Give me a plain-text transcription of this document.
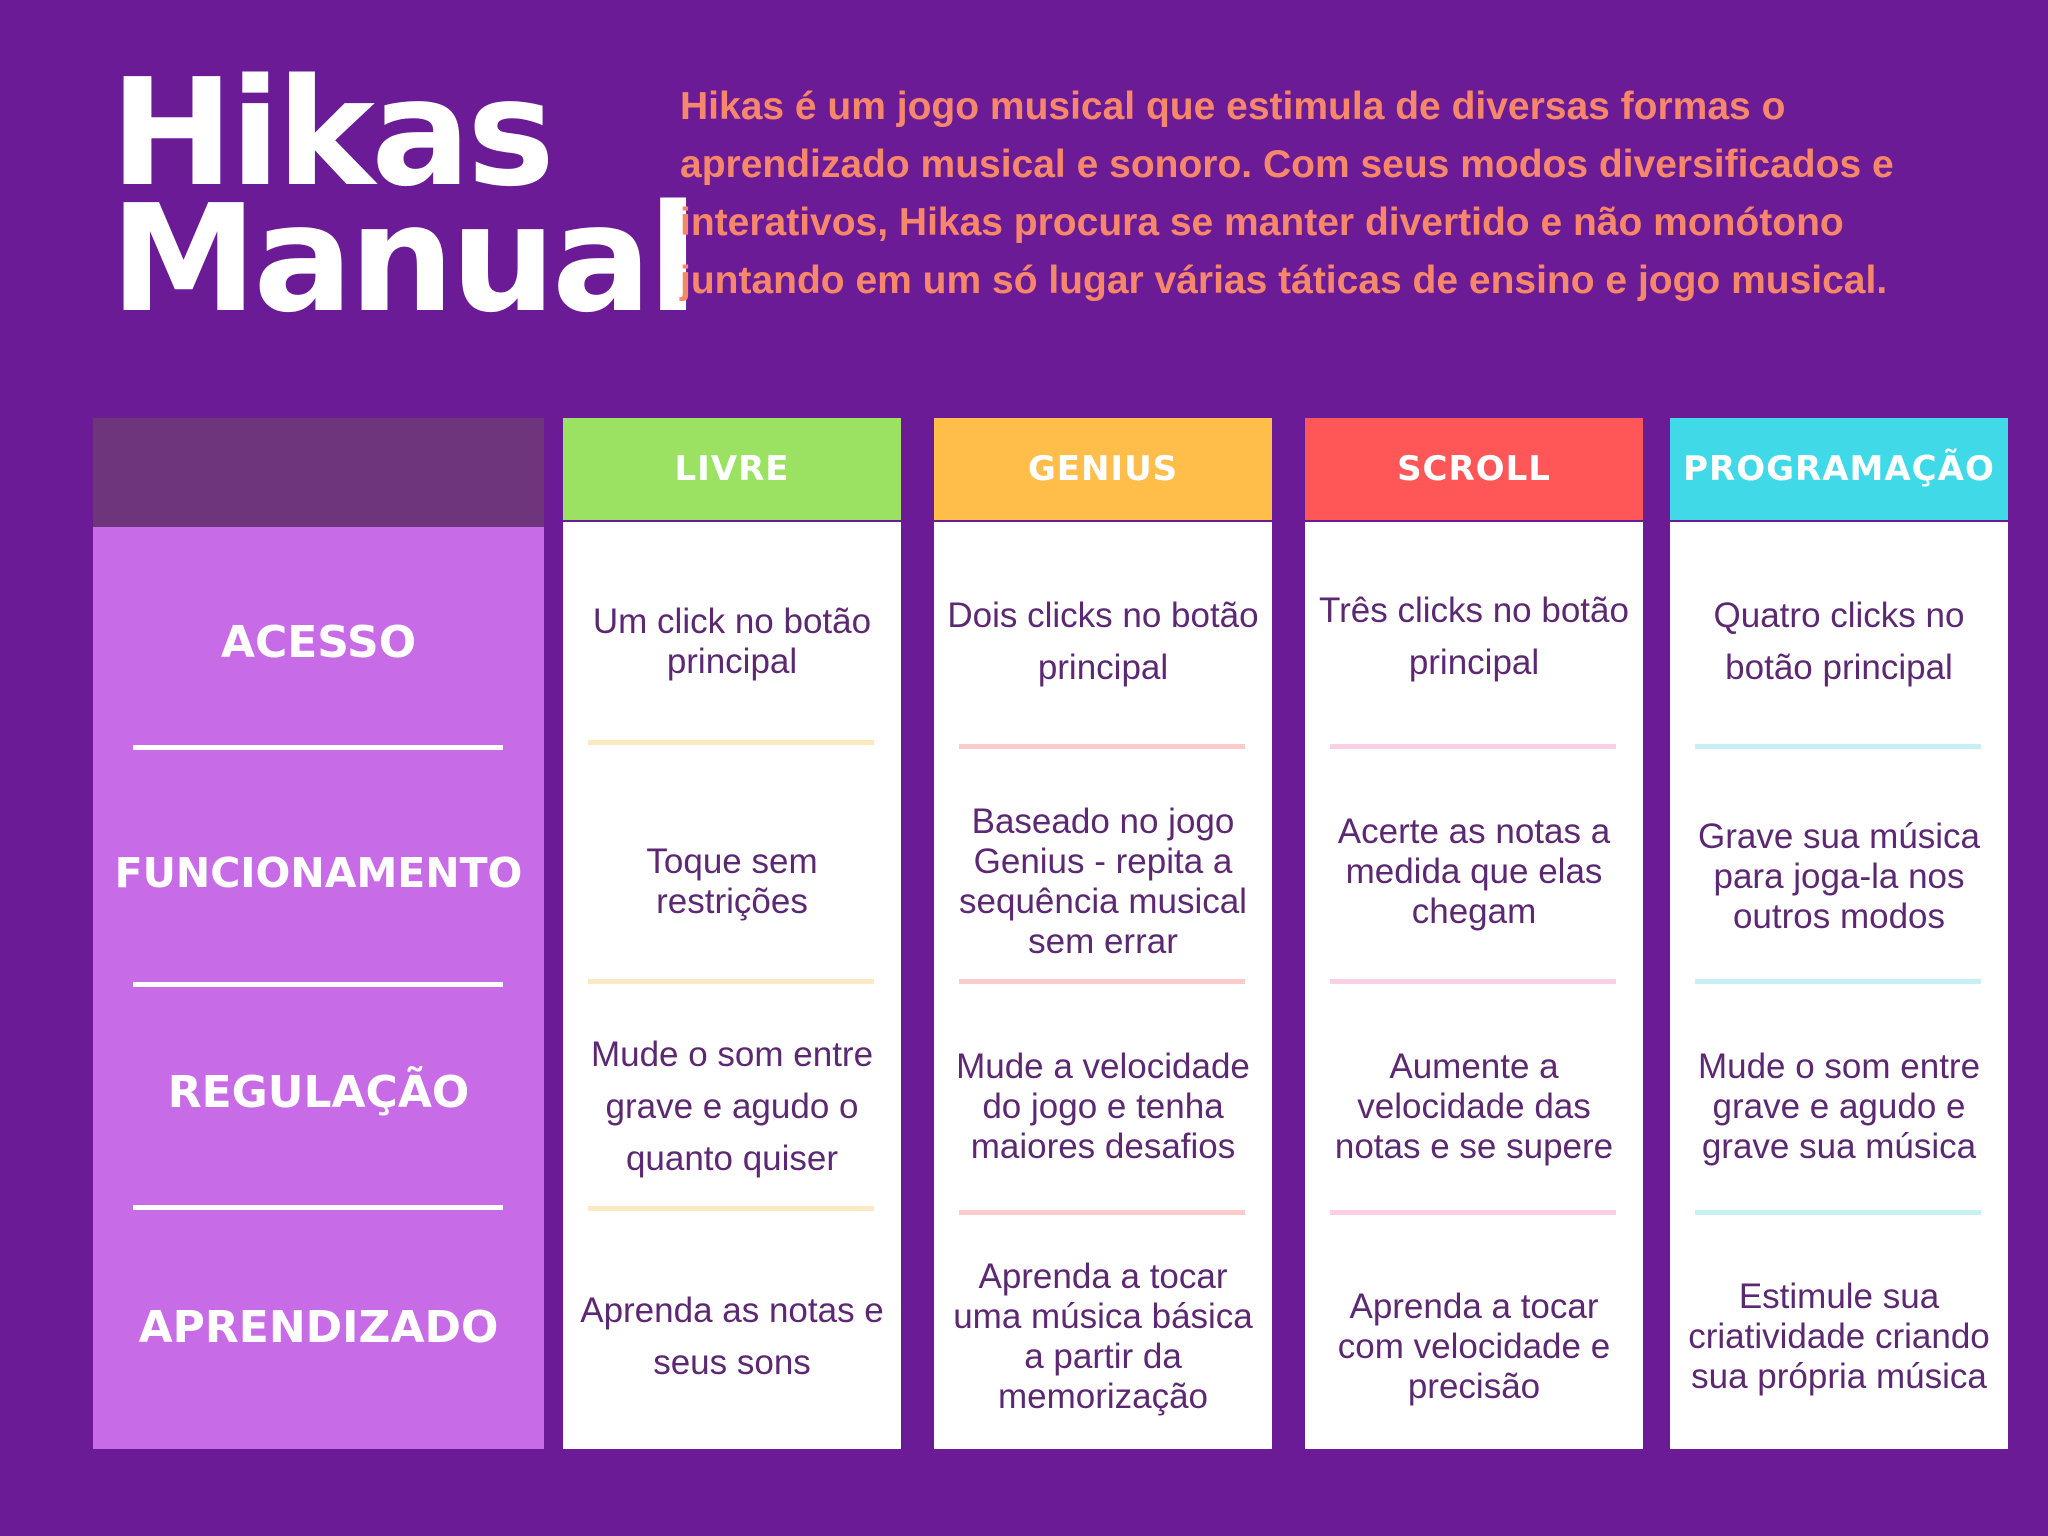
Hikas
Manual
Hikas é um jogo musical que estimula de diversas formas o aprendizado musical e sonoro. Com seus modos diversificados e interativos, Hikas procura se manter divertido e não monótono juntando em um só lugar várias táticas de ensino e jogo musical.
ACESSO
FUNCIONAMENTO
REGULAÇÃO
APRENDIZADO
LIVRE
Um click no botão principal
Toque sem restrições
Mude o som entre grave e agudo o quanto quiser
Aprenda as notas e seus sons
GENIUS
Dois clicks no botão principal
Baseado no jogo Genius - repita a sequência musical sem errar
Mude a velocidade do jogo e tenha maiores desafios
Aprenda a tocar uma música básica a partir da memorização
SCROLL
Três clicks no botão principal
Acerte as notas a medida que elas chegam
Aumente a velocidade das notas e se supere
Aprenda a tocar com velocidade e precisão
PROGRAMAÇÃO
Quatro clicks no botão principal
Grave sua música para joga-la nos outros modos
Mude o som entre grave e agudo e grave sua música
Estimule sua criatividade criando sua própria música
